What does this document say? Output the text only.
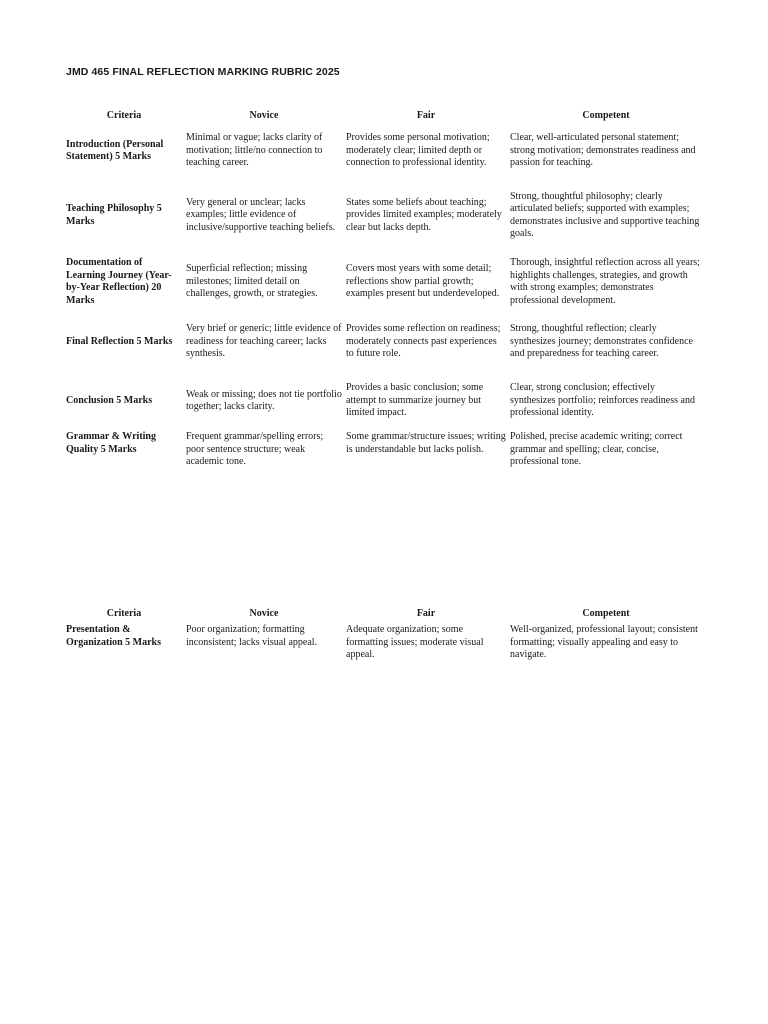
JMD 465 FINAL REFLECTION MARKING RUBRIC 2025
Criteria	Novice	Fair	Competent
Introduction (Personal Statement) 5 Marks	Minimal or vague; lacks clarity of motivation; little/no connection to teaching career.	Provides some personal motivation; moderately clear; limited depth or connection to professional identity.	Clear, well-articulated personal statement; strong motivation; demonstrates readiness and passion for teaching.
Teaching Philosophy 5 Marks	Very general or unclear; lacks examples; little evidence of inclusive/supportive teaching beliefs.	States some beliefs about teaching; provides limited examples; moderately clear but lacks depth.	Strong, thoughtful philosophy; clearly articulated beliefs; supported with examples; demonstrates inclusive and supportive teaching goals.
Documentation of Learning Journey (Year-by-Year Reflection) 20 Marks	Superficial reflection; missing milestones; limited detail on challenges, growth, or strategies.	Covers most years with some detail; reflections show partial growth; examples present but underdeveloped.	Thorough, insightful reflection across all years; highlights challenges, strategies, and growth with strong examples; demonstrates professional development.
Final Reflection 5 Marks	Very brief or generic; little evidence of readiness for teaching career; lacks synthesis.	Provides some reflection on readiness; moderately connects past experiences to future role.	Strong, thoughtful reflection; clearly synthesizes journey; demonstrates confidence and preparedness for teaching career.
Conclusion 5 Marks	Weak or missing; does not tie portfolio together; lacks clarity.	Provides a basic conclusion; some attempt to summarize journey but limited impact.	Clear, strong conclusion; effectively synthesizes portfolio; reinforces readiness and professional identity.
Grammar & Writing Quality 5 Marks	Frequent grammar/spelling errors; poor sentence structure; weak academic tone.	Some grammar/structure issues; writing is understandable but lacks polish.	Polished, precise academic writing; correct grammar and spelling; clear, concise, professional tone.
Criteria	Novice	Fair	Competent
Presentation & Organization 5 Marks	Poor organization; formatting inconsistent; lacks visual appeal.	Adequate organization; some formatting issues; moderate visual appeal.	Well-organized, professional layout; consistent formatting; visually appealing and easy to navigate.
